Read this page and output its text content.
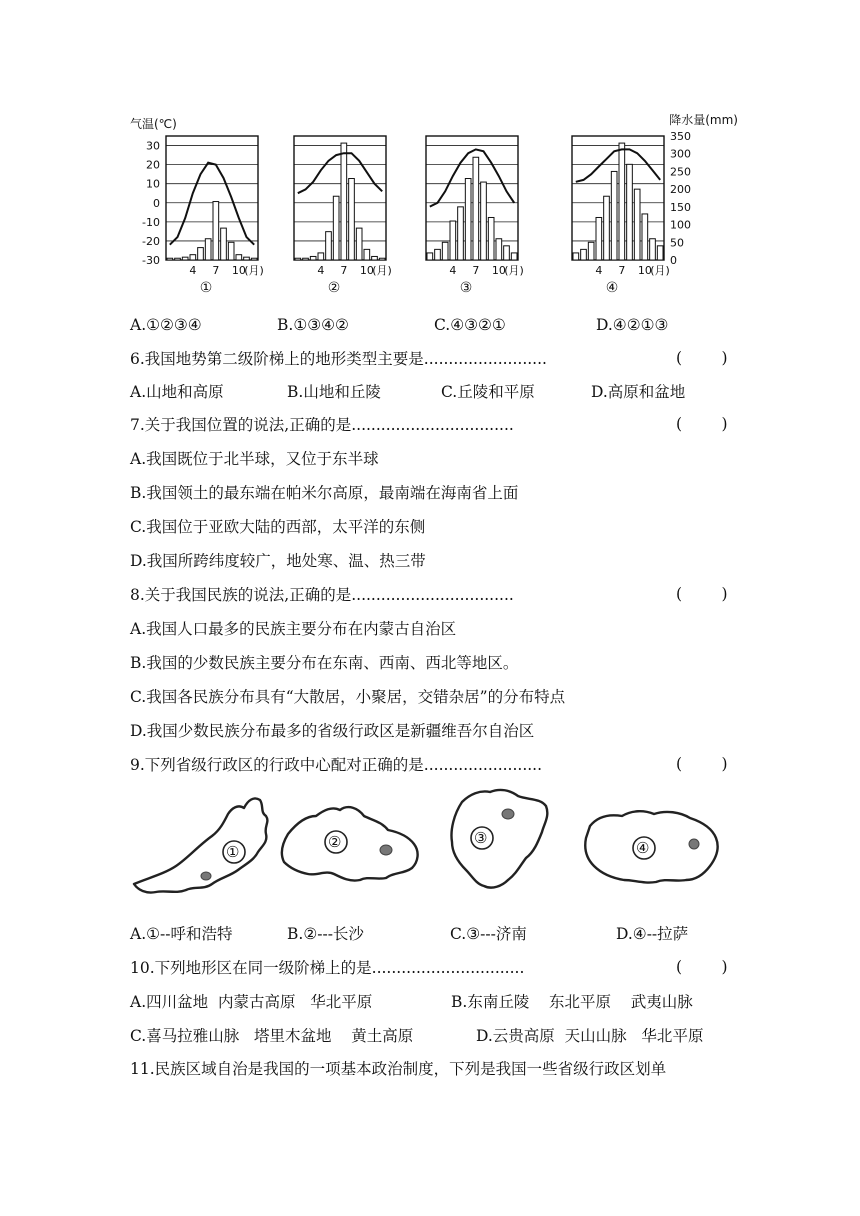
气温(℃)	降水量(mm)
30
20
10
0
-10
-20
-30
350
300
250
200
150
100
50
0
4 7 10
(月)
①
4 7 10
(月)
②
4 7 10
(月)
③
4 7 10
(月)
④
A.①②③④	B.①③④②	C.④③②①	D.④②①③
6.我国地势第二级阶梯上的地形类型主要是.........................	(        )
A.山地和高原	B.山地和丘陵	C.丘陵和平原	D.高原和盆地
7.关于我国位置的说法,正确的是.................................	(        )
A.我国既位于北半球，又位于东半球
B.我国领土的最东端在帕米尔高原，最南端在海南省上面
C.我国位于亚欧大陆的西部，太平洋的东侧
D.我国所跨纬度较广，地处寒、温、热三带
8.关于我国民族的说法,正确的是.................................	(        )
A.我国人口最多的民族主要分布在内蒙古自治区
B.我国的少数民族主要分布在东南、西南、西北等地区。
C.我国各民族分布具有“大散居，小聚居，交错杂居”的分布特点
D.我国少数民族分布最多的省级行政区是新疆维吾尔自治区
9.下列省级行政区的行政中心配对正确的是........................	(        )
①
②	③
④
A.①--呼和浩特	B.②---长沙	C.③---济南	D.④--拉萨
10.下列地形区在同一级阶梯上的是...............................	(        )
A.四川盆地  内蒙古高原   华北平原	B.东南丘陵    东北平原    武夷山脉
C.喜马拉雅山脉   塔里木盆地    黄土高原	D.云贵高原  天山山脉   华北平原
11.民族区域自治是我国的一项基本政治制度，下列是我国一些省级行政区划单
